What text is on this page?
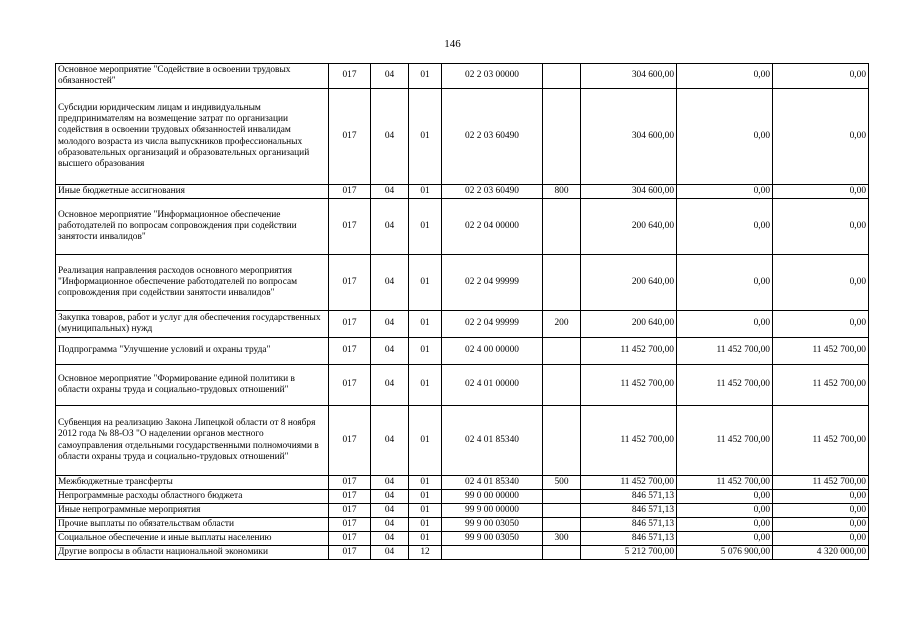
146
Основное мероприятие "Содействие в освоении трудовых обязанностей"	017	04	01	02 2 03 00000		304 600,00	0,00	0,00
Субсидии юридическим лицам и индивидуальным предпринимателям на возмещение затрат по организации содействия в освоении трудовых обязанностей инвалидам молодого возраста из числа выпускников профессиональных образовательных организаций и образовательных организаций высшего образования	017	04	01	02 2 03 60490		304 600,00	0,00	0,00
Иные бюджетные ассигнования	017	04	01	02 2 03 60490	800	304 600,00	0,00	0,00
Основное мероприятие "Информационное обеспечение работодателей по вопросам сопровождения при содействии занятости инвалидов"	017	04	01	02 2 04 00000		200 640,00	0,00	0,00
Реализация направления расходов основного мероприятия "Информационное обеспечение работодателей по вопросам сопровождения при содействии занятости инвалидов"	017	04	01	02 2 04 99999		200 640,00	0,00	0,00
Закупка товаров, работ и услуг для обеспечения государственных (муниципальных) нужд	017	04	01	02 2 04 99999	200	200 640,00	0,00	0,00
Подпрограмма "Улучшение условий и охраны труда"	017	04	01	02 4 00 00000		11 452 700,00	11 452 700,00	11 452 700,00
Основное мероприятие "Формирование единой политики в области охраны труда и социально-трудовых отношений"	017	04	01	02 4 01 00000		11 452 700,00	11 452 700,00	11 452 700,00
Субвенция на реализацию Закона Липецкой области от 8 ноября 2012 года № 88-ОЗ "О наделении органов местного самоуправления отдельными государственными полномочиями в области охраны труда и социально-трудовых отношений"	017	04	01	02 4 01 85340		11 452 700,00	11 452 700,00	11 452 700,00
Межбюджетные трансферты	017	04	01	02 4 01 85340	500	11 452 700,00	11 452 700,00	11 452 700,00
Непрограммные расходы областного бюджета	017	04	01	99 0 00 00000		846 571,13	0,00	0,00
Иные непрограммные мероприятия	017	04	01	99 9 00 00000		846 571,13	0,00	0,00
Прочие выплаты по обязательствам области	017	04	01	99 9 00 03050		846 571,13	0,00	0,00
Социальное обеспечение и иные выплаты населению	017	04	01	99 9 00 03050	300	846 571,13	0,00	0,00
Другие вопросы в области национальной экономики	017	04	12			5 212 700,00	5 076 900,00	4 320 000,00
